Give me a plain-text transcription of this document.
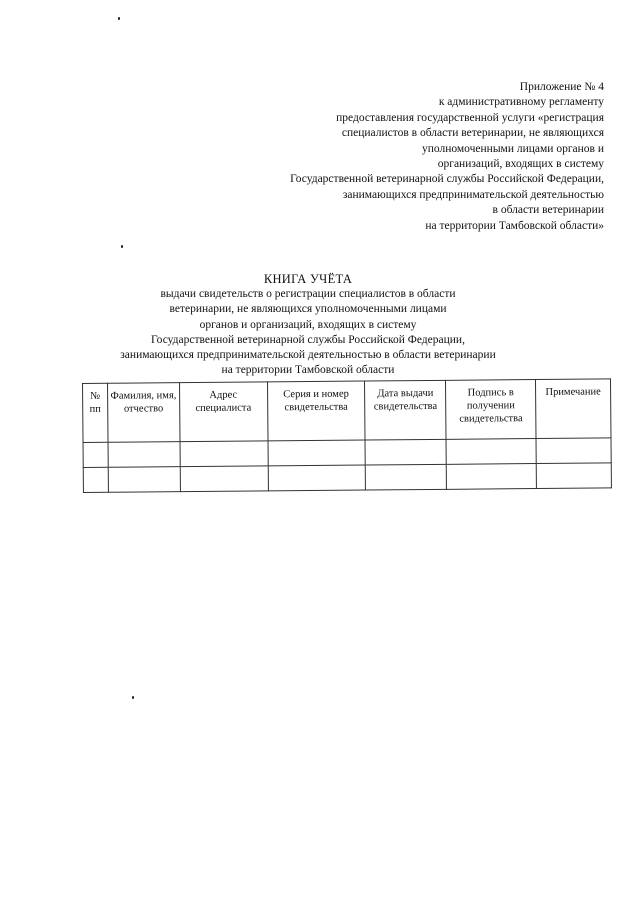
Приложение № 4
к административному регламенту
предоставления государственной услуги «регистрация
специалистов в области ветеринарии, не являющихся
уполномоченными лицами органов и
организаций, входящих в систему
Государственной ветеринарной службы Российской Федерации,
занимающихся предпринимательской деятельностью
в области ветеринарии
на территории Тамбовской области»
КНИГА УЧЁТА
выдачи свидетельств о регистрации специалистов в области
ветеринарии, не являющихся уполномоченными лицами
органов и организаций, входящих в систему
Государственной ветеринарной службы Российской Федерации,
занимающихся предпринимательской деятельностью в области ветеринарии
на территории Тамбовской области
№ пп	Фамилия, имя, отчество	Адрес специалиста	Серия и номер свидетельства	Дата выдачи свидетельства	Подпись в получении свидетельства	Примечание
